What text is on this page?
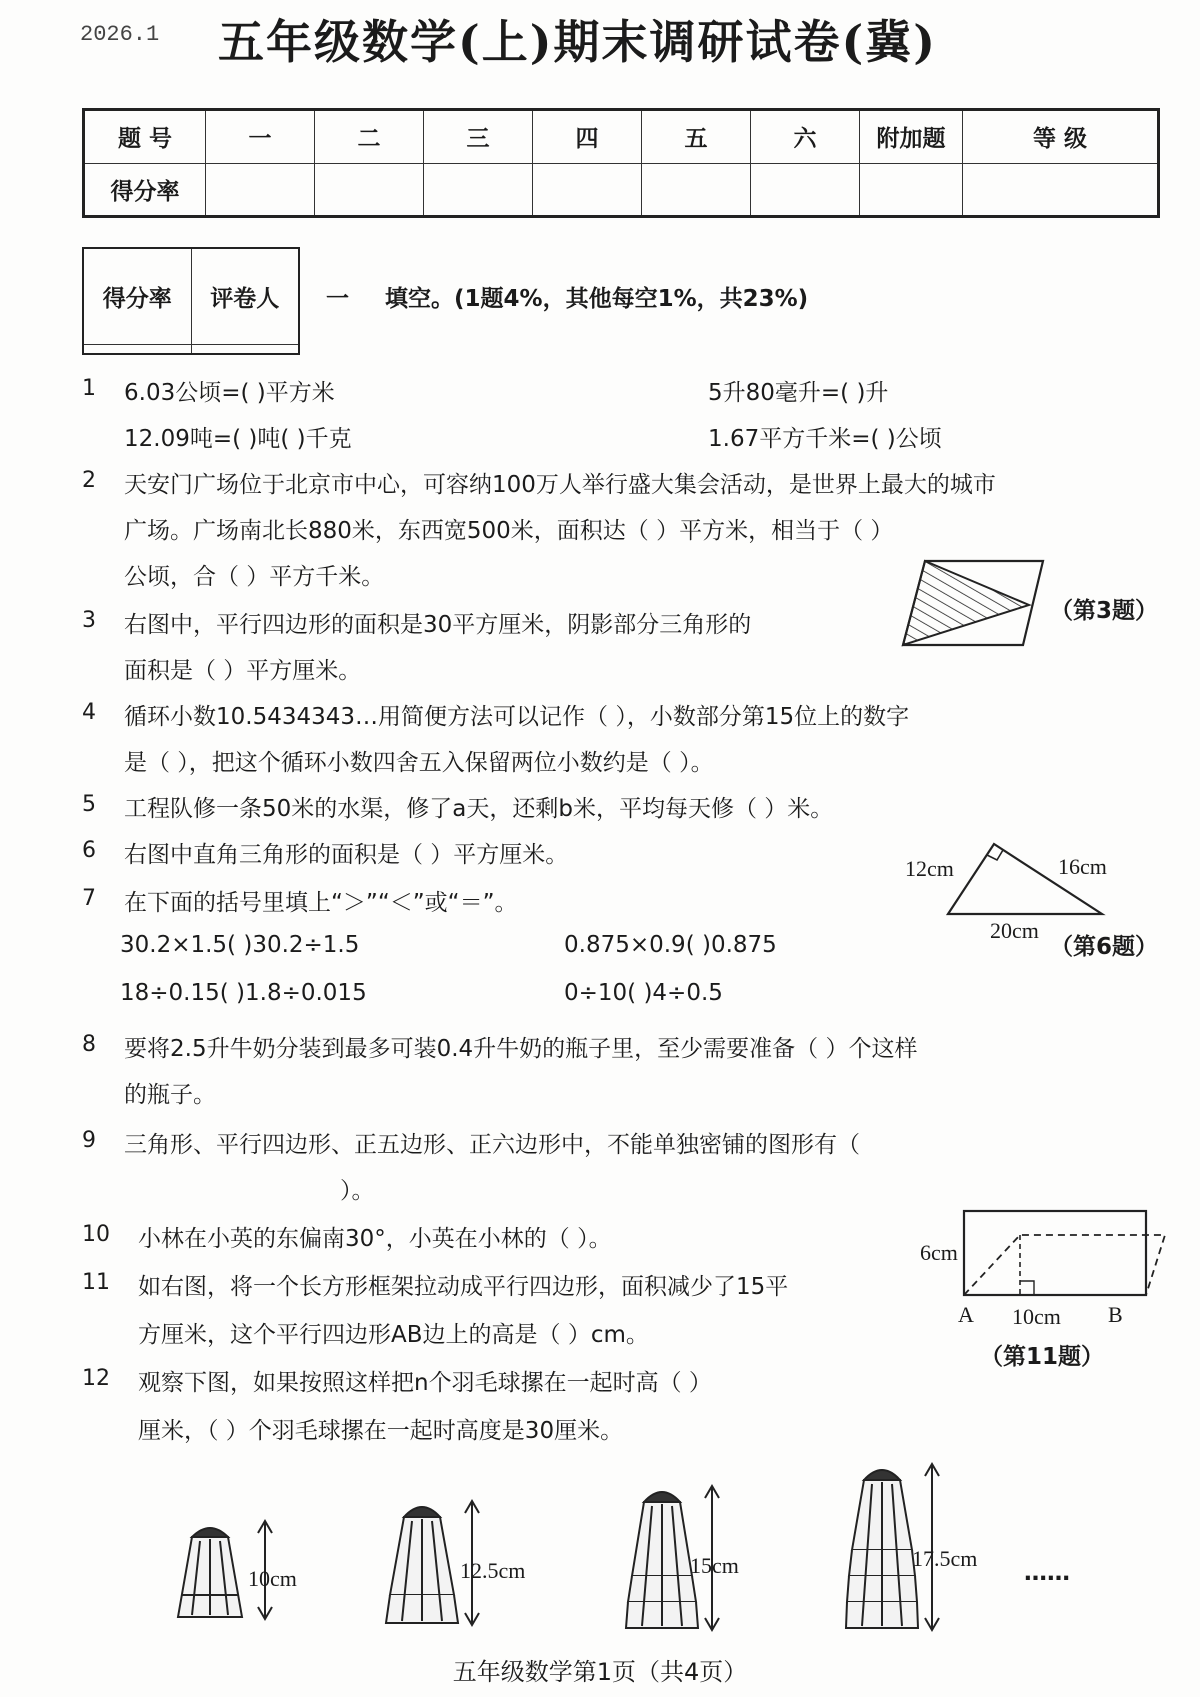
2026.1 五年级数学(上)期末调研试卷(冀)
题 号	一	二	三	四	五	六	附加题	等 级
得分率								
得分率	评卷人
	一 填空。(1题4%，其他每空1%，共23%)
1 6.03公顷=( )平方米	5升80毫升=( )升
12.09吨=( )吨( )千克	1.67平方千米=( )公顷
2 天安门广场位于北京市中心，可容纳100万人举行盛大集会活动，是世界上最大的城市
广场。广场南北长880米，东西宽500米，面积达（ ）平方米，相当于（ ）
公顷，合（ ）平方千米。
3 右图中，平行四边形的面积是30平方厘米，阴影部分三角形的
面积是（ ）平方厘米。
（第3题）
4 循环小数10.5434343…用简便方法可以记作（ ），小数部分第15位上的数字
是（ ），把这个循环小数四舍五入保留两位小数约是（ ）。
5 工程队修一条50米的水渠，修了a天，还剩b米，平均每天修（ ）米。
6 右图中直角三角形的面积是（ ）平方厘米。
12cm	16cm
20cm
（第6题）
7 在下面的括号里填上“＞”“＜”或“＝”。
30.2×1.5( )30.2÷1.5	0.875×0.9( )0.875
18÷0.15( )1.8÷0.015	0÷10( )4÷0.5
8 要将2.5升牛奶分装到最多可装0.4升牛奶的瓶子里，至少需要准备（ ）个这样
的瓶子。
9 三角形、平行四边形、正五边形、正六边形中，不能单独密铺的图形有（
）。
10 小林在小英的东偏南30°，小英在小林的（ ）。
11 如右图，将一个长方形框架拉动成平行四边形，面积减少了15平
方厘米，这个平行四边形AB边上的高是（ ）cm。
6cm
A 10cm B
（第11题）
12 观察下图，如果按照这样把n个羽毛球摞在一起时高（ ）
厘米，（ ）个羽毛球摞在一起时高度是30厘米。
10cm	12.5cm	15cm	17.5cm
……
五年级数学第1页（共4页）
